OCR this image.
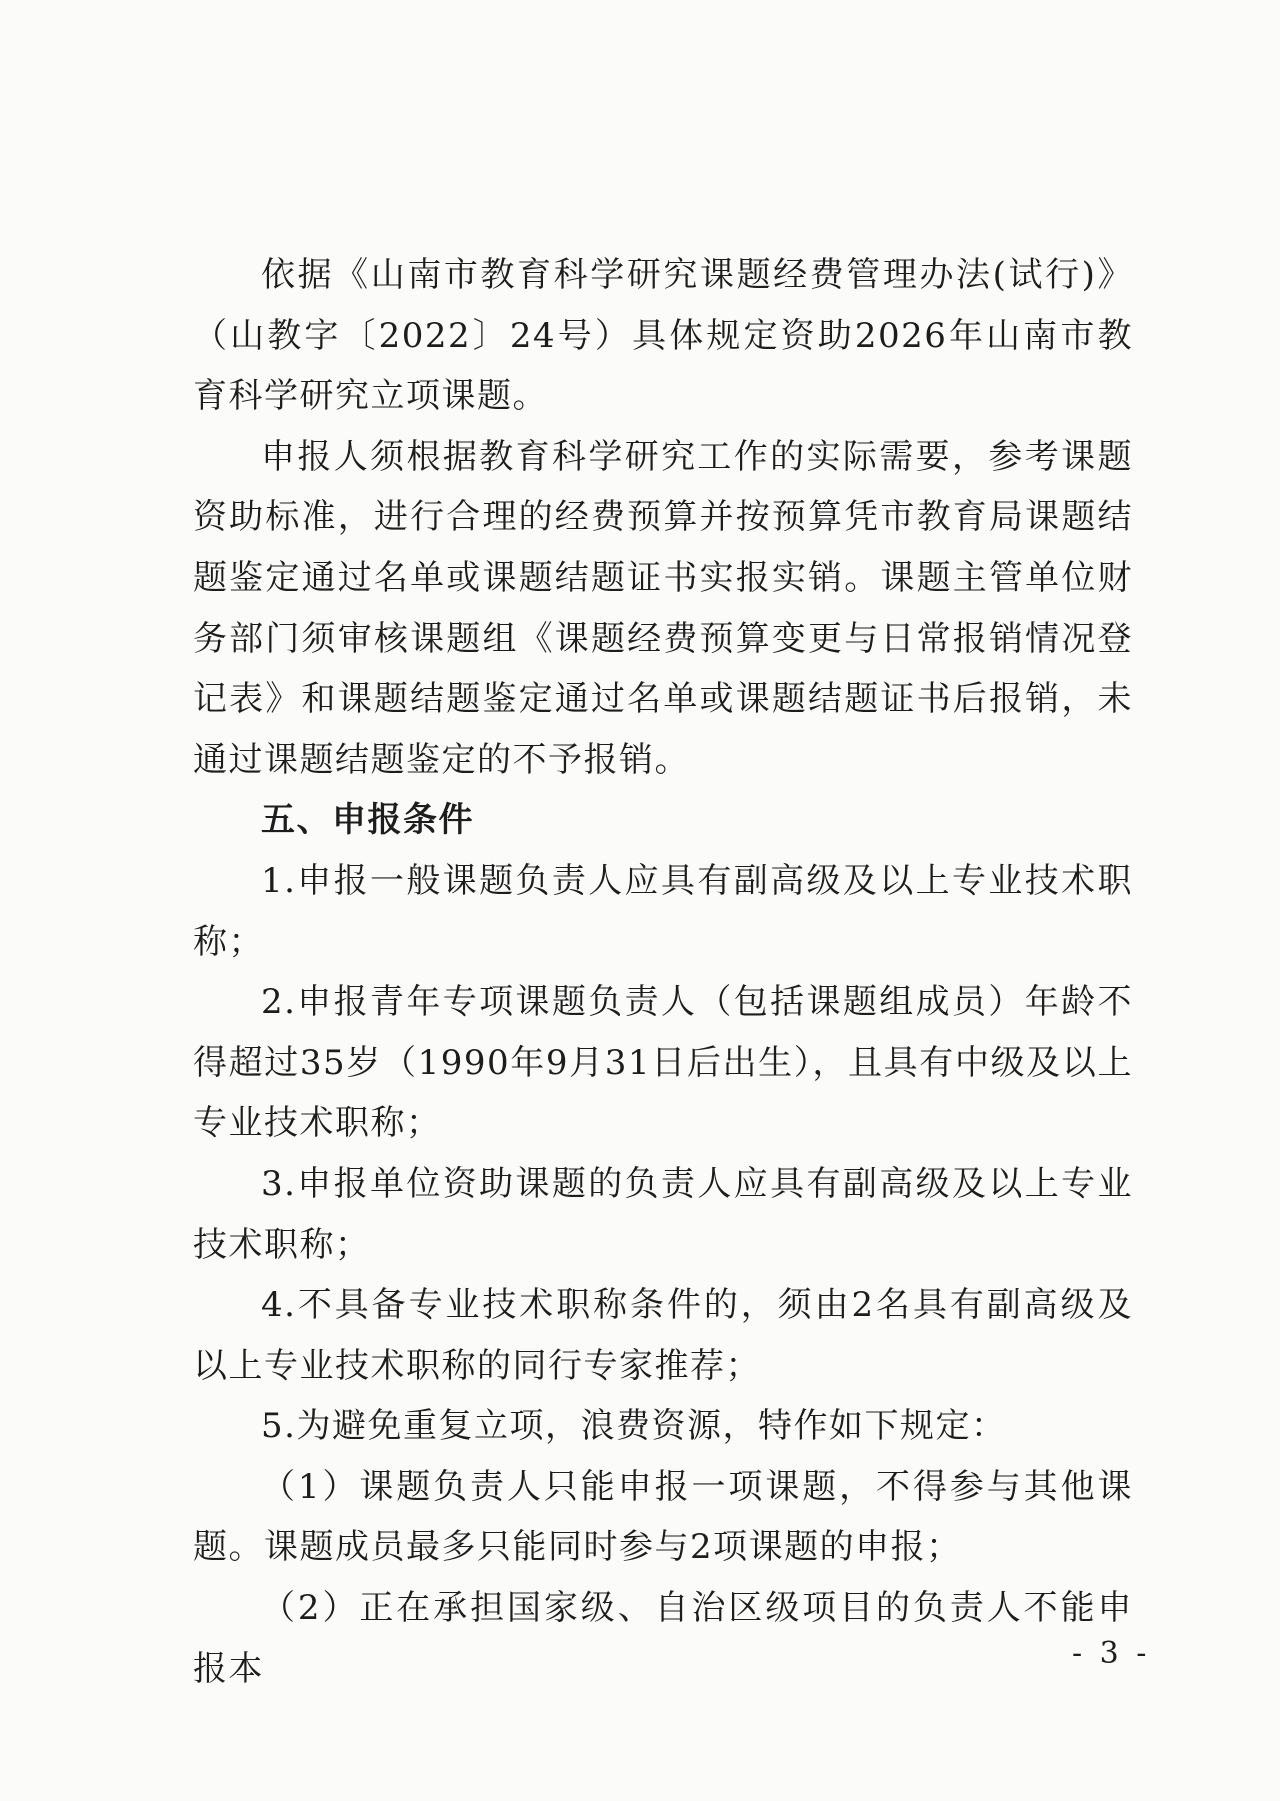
依据《山南市教育科学研究课题经费管理办法(试行)》（山教字〔2022〕24号）具体规定资助2026年山南市教育科学研究立项课题。

申报人须根据教育科学研究工作的实际需要，参考课题资助标准，进行合理的经费预算并按预算凭市教育局课题结题鉴定通过名单或课题结题证书实报实销。课题主管单位财务部门须审核课题组《课题经费预算变更与日常报销情况登记表》和课题结题鉴定通过名单或课题结题证书后报销，未通过课题结题鉴定的不予报销。

五、申报条件

1.申报一般课题负责人应具有副高级及以上专业技术职称；

2.申报青年专项课题负责人（包括课题组成员）年龄不得超过35岁（1990年9月31日后出生），且具有中级及以上专业技术职称；

3.申报单位资助课题的负责人应具有副高级及以上专业技术职称；

4.不具备专业技术职称条件的，须由2名具有副高级及以上专业技术职称的同行专家推荐；

5.为避免重复立项，浪费资源，特作如下规定：

（1）课题负责人只能申报一项课题，不得参与其他课题。课题成员最多只能同时参与2项课题的申报；

（2）正在承担国家级、自治区级项目的负责人不能申报本	- 3 -
